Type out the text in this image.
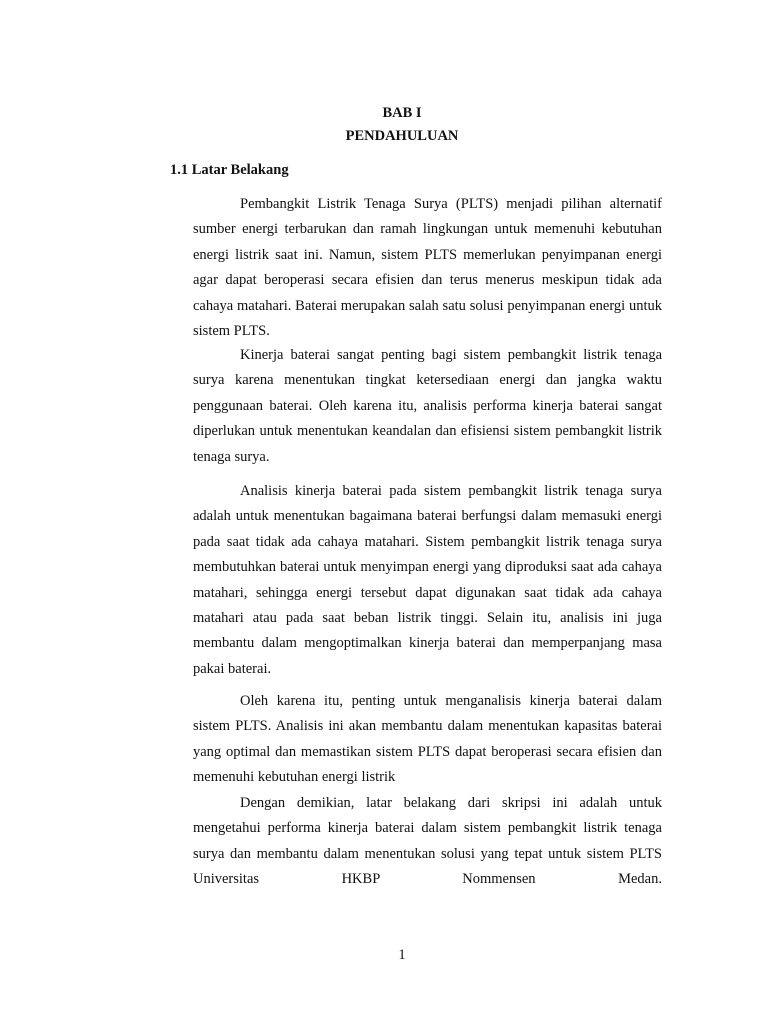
BAB I
PENDAHULUAN
1.1 Latar Belakang

Pembangkit Listrik Tenaga Surya (PLTS) menjadi pilihan alternatif sumber energi terbarukan dan ramah lingkungan untuk memenuhi kebutuhan energi listrik saat ini. Namun, sistem PLTS memerlukan penyimpanan energi agar dapat beroperasi secara efisien dan terus menerus meskipun tidak ada cahaya matahari. Baterai merupakan salah satu solusi penyimpanan energi untuk sistem PLTS.

Kinerja baterai sangat penting bagi sistem pembangkit listrik tenaga surya karena menentukan tingkat ketersediaan energi dan jangka waktu penggunaan baterai. Oleh karena itu, analisis performa kinerja baterai sangat diperlukan untuk menentukan keandalan dan efisiensi sistem pembangkit listrik tenaga surya.

Analisis kinerja baterai pada sistem pembangkit listrik tenaga surya adalah untuk menentukan bagaimana baterai berfungsi dalam memasuki energi pada saat tidak ada cahaya matahari. Sistem pembangkit listrik tenaga surya membutuhkan baterai untuk menyimpan energi yang diproduksi saat ada cahaya matahari, sehingga energi tersebut dapat digunakan saat tidak ada cahaya matahari atau pada saat beban listrik tinggi. Selain itu, analisis ini juga membantu dalam mengoptimalkan kinerja baterai dan memperpanjang masa pakai baterai.

Oleh karena itu, penting untuk menganalisis kinerja baterai dalam sistem PLTS. Analisis ini akan membantu dalam menentukan kapasitas baterai yang optimal dan memastikan sistem PLTS dapat beroperasi secara efisien dan memenuhi kebutuhan energi listrik

Dengan demikian, latar belakang dari skripsi ini adalah untuk mengetahui performa kinerja baterai dalam sistem pembangkit listrik tenaga surya dan membantu dalam menentukan solusi yang tepat untuk sistem PLTS Universitas HKBP Nommensen Medan.

1
